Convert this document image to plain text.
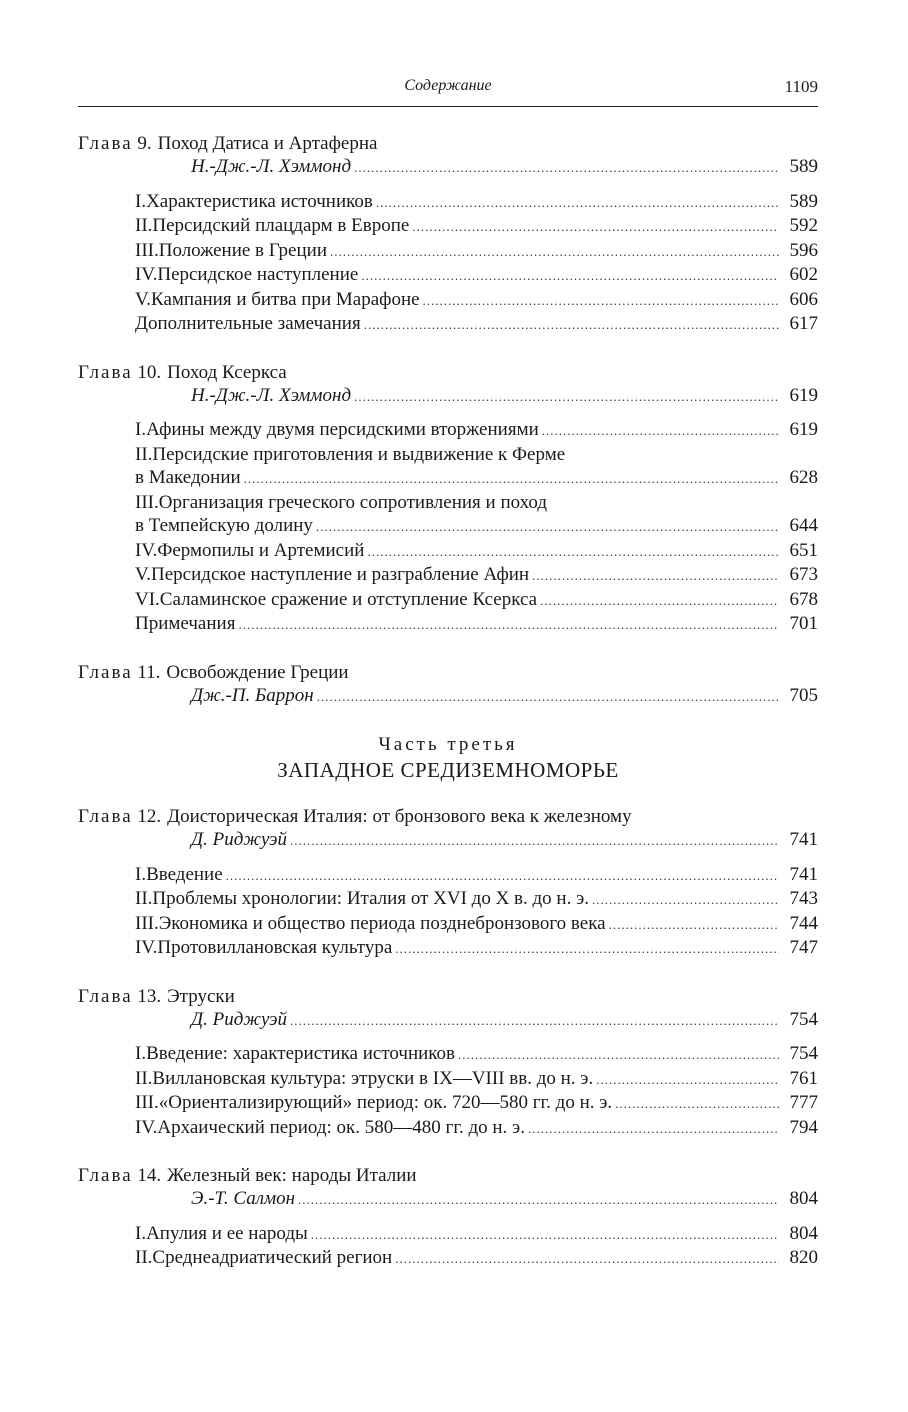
Содержание	1109
Глава
9. Поход Датиса и Артаферна
Н.-Дж.-Л. Хэммонд .....	589
I.Характеристика источников .....	589
II.Персидский плацдарм в Европе .....	592
III.Положение в Греции .....	596
IV.Персидское наступление .....	602
V.Кампания и битва при Марафоне .....	606
Дополнительные замечания .....	617
Глава
10. Поход Ксеркса
Н.-Дж.-Л. Хэммонд .....	619
I.Афины между двумя персидскими вторжениями .....	619
II.Персидские приготовления и выдвижение к Ферме
в Македонии .....	628
III.Организация греческого сопротивления и поход
в Темпейскую долину .....	644
IV.Фермопилы и Артемисий .....	651
V.Персидское наступление и разграбление Афин .....	673
VI.Саламинское сражение и отступление Ксеркса .....	678
Примечания .....	701
Глава
11. Освобождение Греции
Дж.-П. Баррон .....	705
Часть третья
ЗАПАДНОЕ СРЕДИЗЕМНОМОРЬЕ
Глава
12. Доисторическая Италия: от бронзового века к железному
Д. Риджуэй .....	741
I.Введение .....	741
II.Проблемы хронологии: Италия от XVI до X в. до н. э. .....	743
III.Экономика и общество периода позднебронзового века .....	744
IV.Протовиллановская культура .....	747
Глава
13. Этруски
Д. Риджуэй .....	754
I.Введение: характеристика источников .....	754
II.Виллановская культура: этруски в IX—VIII вв. до н. э. .....	761
III.«Ориентализирующий» период: ок. 720—580 гг. до н. э. .....	777
IV.Архаический период: ок. 580—480 гг. до н. э. .....	794
Глава
14. Железный век: народы Италии
Э.-Т. Салмон .....	804
I.Апулия и ее народы .....	804
II.Среднеадриатический регион .....	820
